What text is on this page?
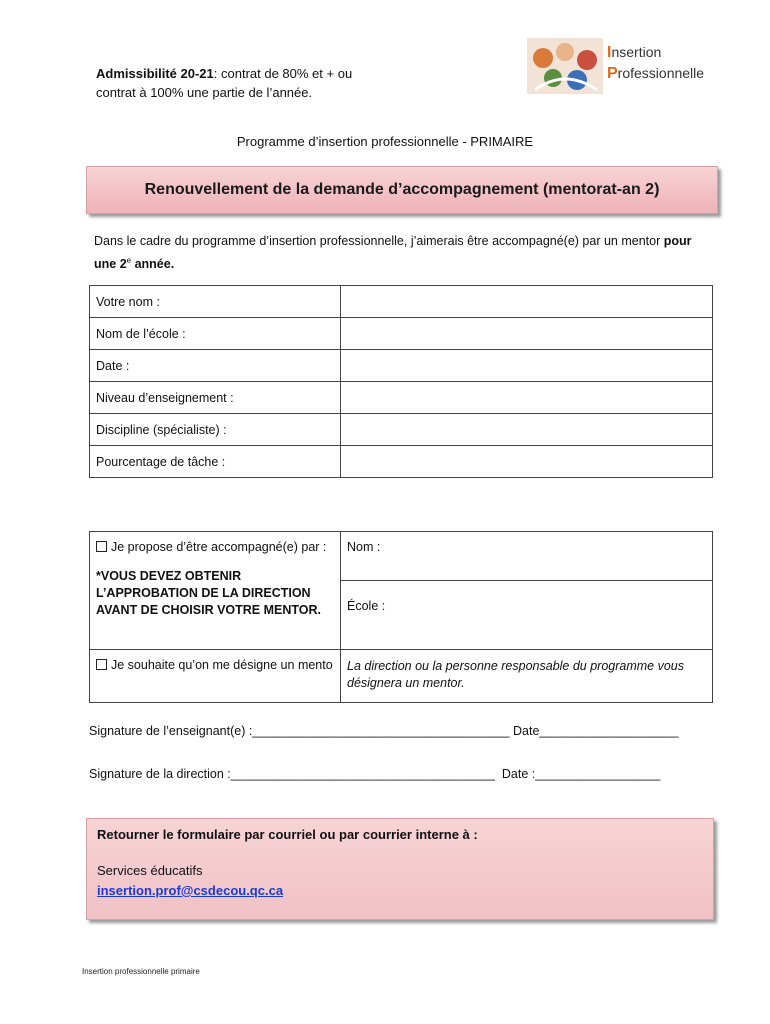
Admissibilité 20-21: contrat de 80% et + ou
contrat à 100% une partie de l’année.
Insertion
Professionnelle
Programme d’insertion professionnelle - PRIMAIRE
Renouvellement de la demande d’accompagnement (mentorat-an 2)
Dans le cadre du programme d’insertion professionnelle, j’aimerais être accompagné(e) par un mentor pour
une 2e année.
Votre nom :	
Nom de l’école :	
Date :	
Niveau d’enseignement :	
Discipline (spécialiste) :	
Pourcentage de tâche :	
Je propose d’être accompagné(e) par :
*VOUS DEVEZ OBTENIR L’APPROBATION DE LA DIRECTION AVANT DE CHOISIR VOTRE MENTOR.	Nom :
	École :
Je souhaite qu’on me désigne un mento	La direction ou la personne responsable du programme vous désignera un mentor.
Signature de l’enseignant(e) :_____________________________________ Date____________________
Signature de la direction :______________________________________  Date :__________________
Retourner le formulaire par courriel ou par courrier interne à :
Services éducatifs
insertion.prof@csdecou.qc.ca
Insertion professionnelle primaire
